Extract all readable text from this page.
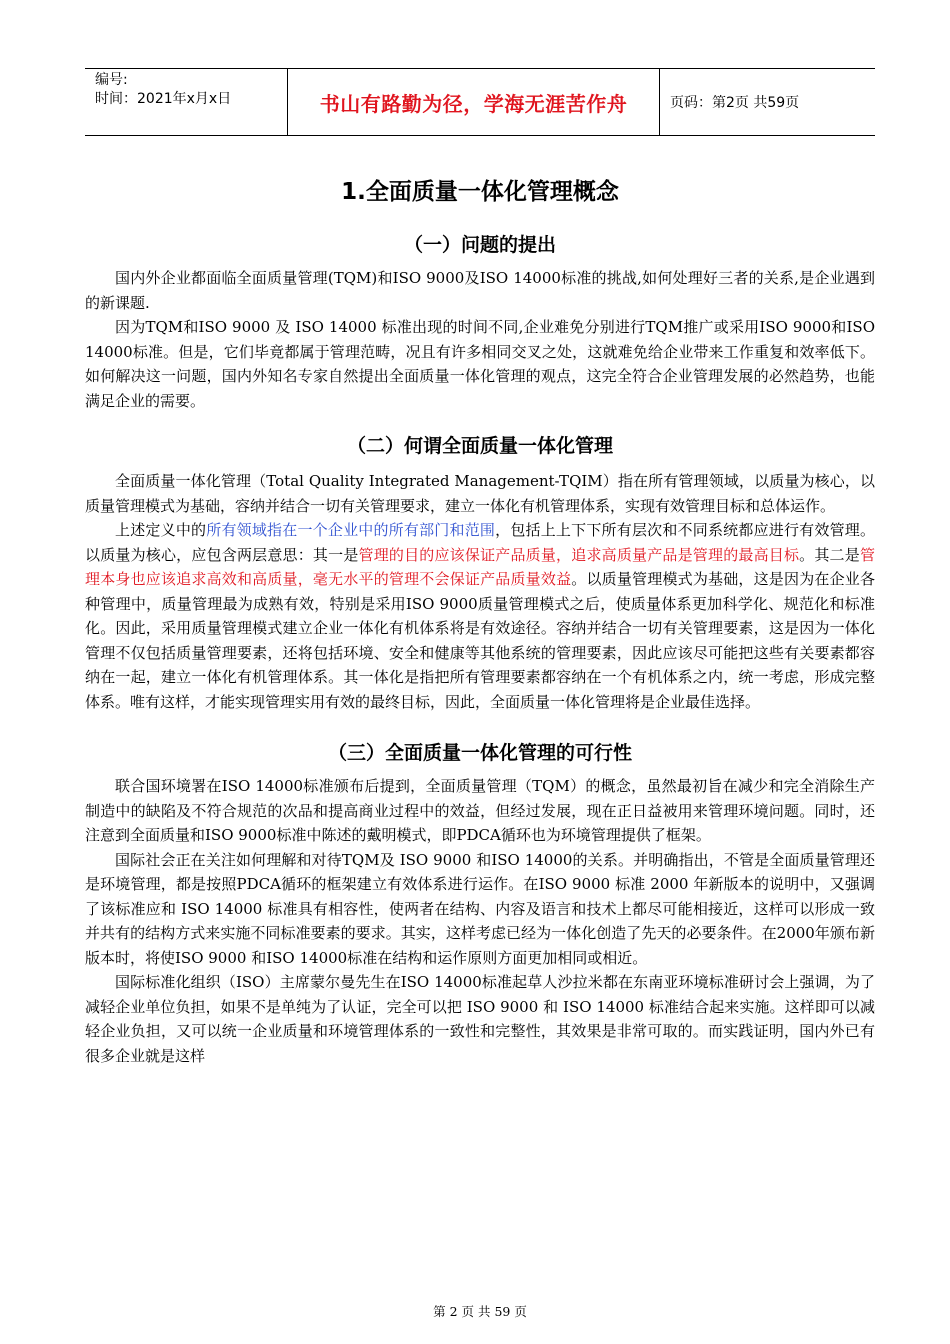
编号:
时间：2021年x月x日	书山有路勤为径，学海无涯苦作舟	页码：第2页 共59页
1.全面质量一体化管理概念
（一）问题的提出

国内外企业都面临全面质量管理(TQM)和ISO 9000及ISO 14000标准的挑战,如何处理好三者的关系,是企业遇到的新课题.

因为TQM和ISO 9000 及 ISO 14000 标准出现的时间不同,企业难免分别进行TQM推广或采用ISO 9000和ISO 14000标准。但是，它们毕竟都属于管理范畴，况且有许多相同交叉之处，这就难免给企业带来工作重复和效率低下。如何解决这一问题，国内外知名专家自然提出全面质量一体化管理的观点，这完全符合企业管理发展的必然趋势，也能满足企业的需要。

（二）何谓全面质量一体化管理

全面质量一体化管理（Total Quality Integrated Management-TQIM）指在所有管理领域，以质量为核心，以质量管理模式为基础，容纳并结合一切有关管理要求，建立一体化有机管理体系，实现有效管理目标和总体运作。

上述定义中的所有领域指在一个企业中的所有部门和范围，包括上上下下所有层次和不同系统都应进行有效管理。以质量为核心，应包含两层意思：其一是管理的目的应该保证产品质量，追求高质量产品是管理的最高目标。其二是管理本身也应该追求高效和高质量，毫无水平的管理不会保证产品质量效益。以质量管理模式为基础，这是因为在企业各种管理中，质量管理最为成熟有效，特别是采用ISO 9000质量管理模式之后，使质量体系更加科学化、规范化和标准化。因此，采用质量管理模式建立企业一体化有机体系将是有效途径。容纳并结合一切有关管理要素，这是因为一体化管理不仅包括质量管理要素，还将包括环境、安全和健康等其他系统的管理要素，因此应该尽可能把这些有关要素都容纳在一起，建立一体化有机管理体系。其一体化是指把所有管理要素都容纳在一个有机体系之内，统一考虑，形成完整体系。唯有这样，才能实现管理实用有效的最终目标，因此，全面质量一体化管理将是企业最佳选择。

（三）全面质量一体化管理的可行性

联合国环境署在ISO 14000标准颁布后提到，全面质量管理（TQM）的概念，虽然最初旨在减少和完全消除生产制造中的缺陷及不符合规范的次品和提高商业过程中的效益，但经过发展，现在正日益被用来管理环境问题。同时，还注意到全面质量和ISO 9000标准中陈述的戴明模式，即PDCA循环也为环境管理提供了框架。

国际社会正在关注如何理解和对待TQM及 ISO 9000 和ISO 14000的关系。并明确指出，不管是全面质量管理还是环境管理，都是按照PDCA循环的框架建立有效体系进行运作。在ISO 9000 标准 2000 年新版本的说明中，又强调了该标准应和 ISO 14000 标准具有相容性，使两者在结构、内容及语言和技术上都尽可能相接近，这样可以形成一致并共有的结构方式来实施不同标准要素的要求。其实，这样考虑已经为一体化创造了先天的必要条件。在2000年颁布新版本时，将使ISO 9000 和ISO 14000标准在结构和运作原则方面更加相同或相近。

国际标准化组织（ISO）主席蒙尔曼先生在ISO 14000标准起草人沙拉米都在东南亚环境标准研讨会上强调，为了减轻企业单位负担，如果不是单纯为了认证，完全可以把 ISO 9000 和 ISO 14000 标准结合起来实施。这样即可以减轻企业负担，又可以统一企业质量和环境管理体系的一致性和完整性，其效果是非常可取的。而实践证明，国内外已有很多企业就是这样

第 2 页 共 59 页
